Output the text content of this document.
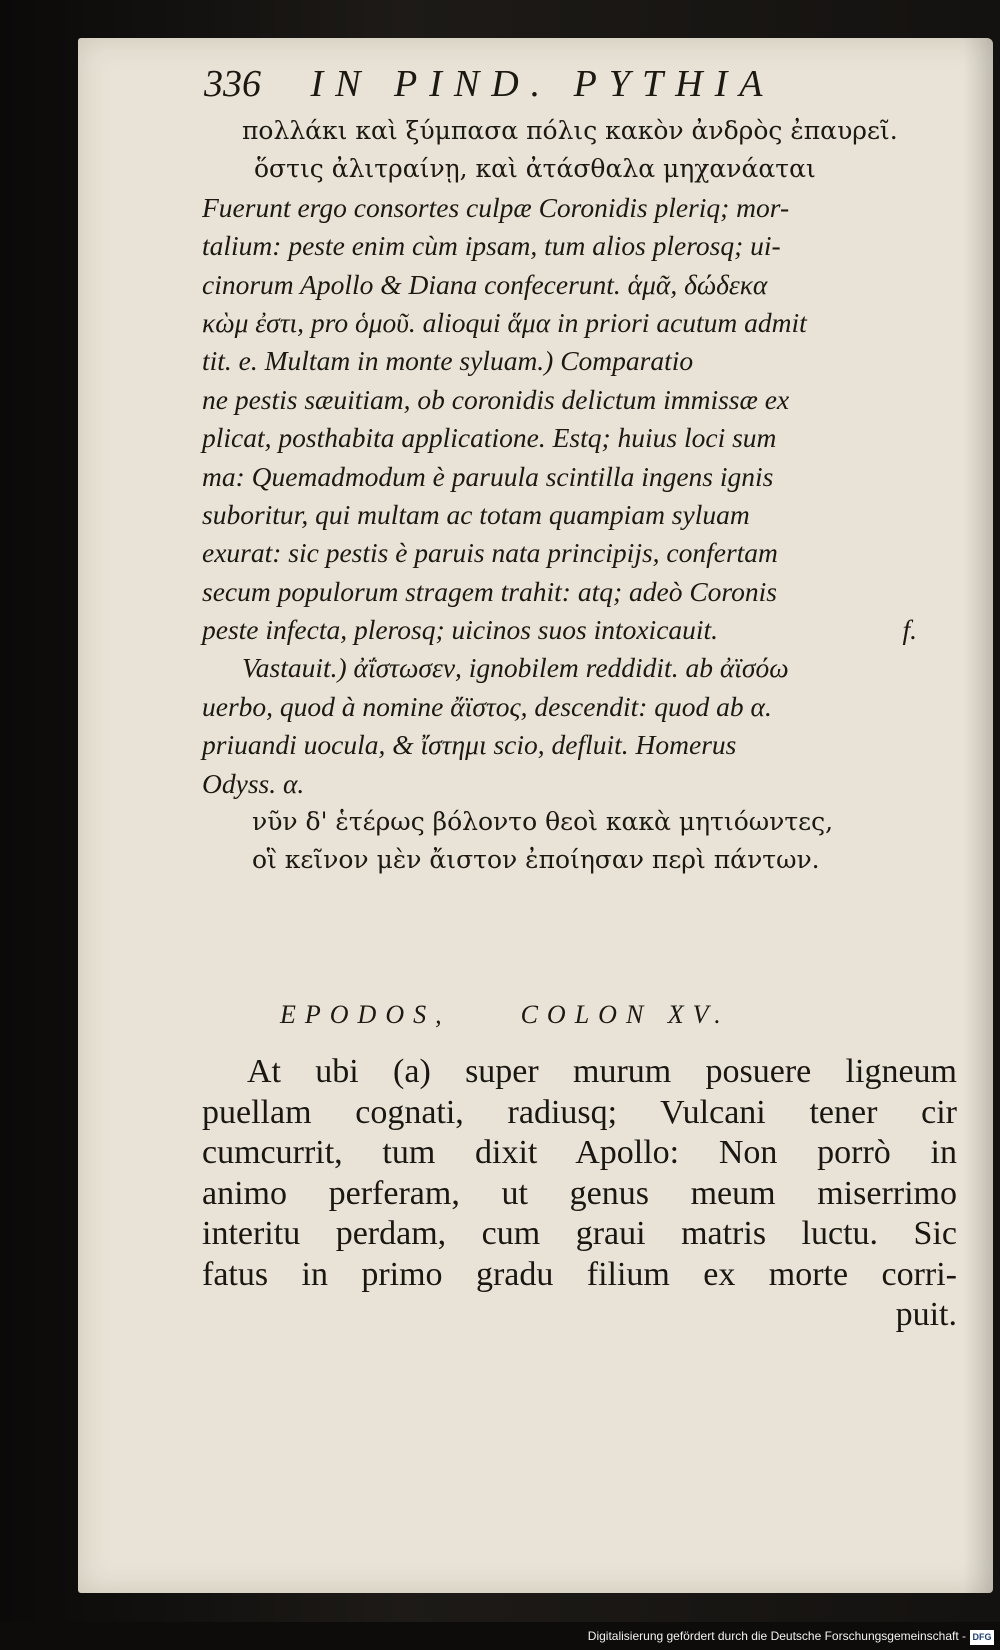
336 IN PIND. PYTHIA
πολλάκι καὶ ξύμπασα πόλις κακὸν ἀνδρὸς ἐπαυρεῖ.
ὅστις ἀλιτραίνῃ, καὶ ἀτάσθαλα μηχανάαται
Fuerunt ergo consortes culpæ Coronidis pleriq; mor-
talium: peste enim cùm ipsam, tum alios plerosq; ui-
cinorum Apollo & Diana confecerunt. ἁμᾶ, δώδεκα
κὼμ ἐστι, pro ὁμοῦ. alioqui ἅμα in priori acutum admit
tit. e. Multam in monte syluam.) Comparatio
ne pestis sæuitiam, ob coronidis delictum immissæ ex
plicat, posthabita applicatione. Estq; huius loci sum
ma: Quemadmodum è paruula scintilla ingens ignis
suboritur, qui multam ac totam quampiam syluam
exurat: sic pestis è paruis nata principijs, confertam
secum populorum stragem trahit: atq; adeò Coronis
peste infecta, plerosq; uicinos suos intoxicauit.	f.
Vastauit.) ἀΐστωσεν, ignobilem reddidit. ab ἀϊσόω
uerbo, quod à nomine ἄϊστος, descendit: quod ab α.
priuandi uocula, & ἴστημι scio, defluit. Homerus
Odyss. α.
νῦν δ' ἑτέρως βόλοντο θεοὶ κακὰ μητιόωντες,
οἳ κεῖνον μὲν ἄιστον ἐποίησαν περὶ πάντων.
EPODOS,	COLON XV.
At ubi (a) super murum posuere ligneum
puellam cognati, radiusq; Vulcani tener cir
cumcurrit, tum dixit Apollo: Non porrò in
animo perferam, ut genus meum miserrimo
interitu perdam, cum graui matris luctu. Sic
fatus in primo gradu filium ex morte corri-
puit.
Digitalisierung gefördert durch die Deutsche Forschungsgemeinschaft - DFG
